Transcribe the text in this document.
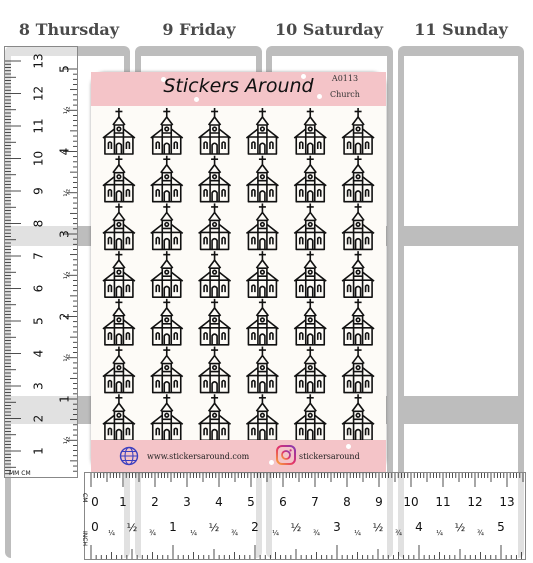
8 Thursday	9 Friday	10 Saturday	11 Sunday
13
12
11
10
9
8
7
6
5
4
3
2
1
5
½
4
½
3
½
2
½
1
½
MM CM
0 1 2 3 4 5 6 7 8 9 10 11 12 13
CM
0 ¼ ½ ¾ 1 ¼ ½ ¾ 2 ¼ ½ ¾ 3 ¼ ½ ¾ 4 ¼ ½ ¾ 5
INCH
Stickers Around	A0113
Church
www.stickersaround.com	stickersaround
